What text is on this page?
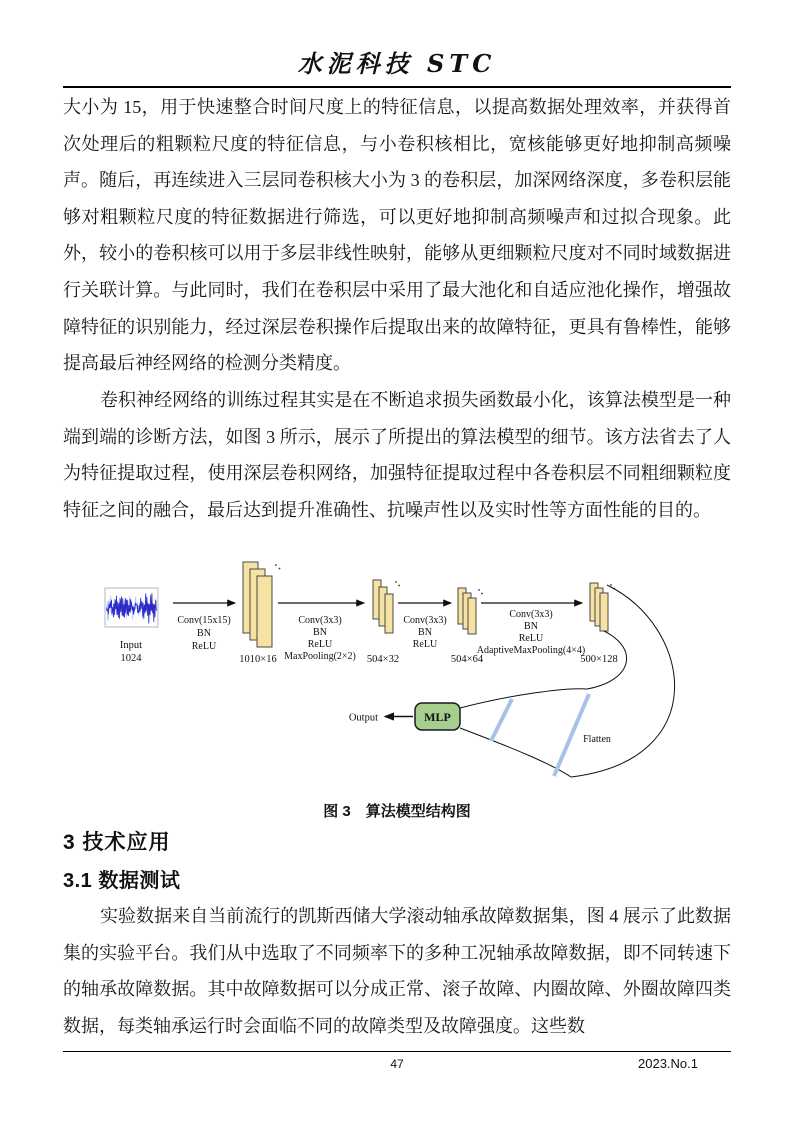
水泥科技 STC
大小为 15，用于快速整合时间尺度上的特征信息，以提高数据处理效率，并获得首次处理后的粗颗粒尺度的特征信息，与小卷积核相比，宽核能够更好地抑制高频噪声。随后，再连续进入三层同卷积核大小为 3 的卷积层，加深网络深度，多卷积层能够对粗颗粒尺度的特征数据进行筛选，可以更好地抑制高频噪声和过拟合现象。此外，较小的卷积核可以用于多层非线性映射，能够从更细颗粒尺度对不同时域数据进行关联计算。与此同时，我们在卷积层中采用了最大池化和自适应池化操作，增强故障特征的识别能力，经过深层卷积操作后提取出来的故障特征，更具有鲁棒性，能够提高最后神经网络的检测分类精度。
卷积神经网络的训练过程其实是在不断追求损失函数最小化，该算法模型是一种端到端的诊断方法，如图 3 所示，展示了所提出的算法模型的细节。该方法省去了人为特征提取过程，使用深层卷积网络，加强特征提取过程中各卷积层不同粗细颗粒度特征之间的融合，最后达到提升准确性、抗噪声性以及实时性等方面性能的目的。
Input
1024
Conv(15x15)
BN
ReLU
1010×16
Conv(3x3)
BN
ReLU
MaxPooling(2×2) 504×32
Conv(3x3)
BN
ReLU
504×64
Conv(3x3)
BN
ReLU
AdaptiveMaxPooling(4×4)
500×128
Flatten
MLP
Output
图 3　算法模型结构图
3 技术应用
3.1 数据测试
实验数据来自当前流行的凯斯西储大学滚动轴承故障数据集，图 4 展示了此数据集的实验平台。我们从中选取了不同频率下的多种工况轴承故障数据，即不同转速下的轴承故障数据。其中故障数据可以分成正常、滚子故障、内圈故障、外圈故障四类数据，每类轴承运行时会面临不同的故障类型及故障强度。这些数
47	2023.No.1
